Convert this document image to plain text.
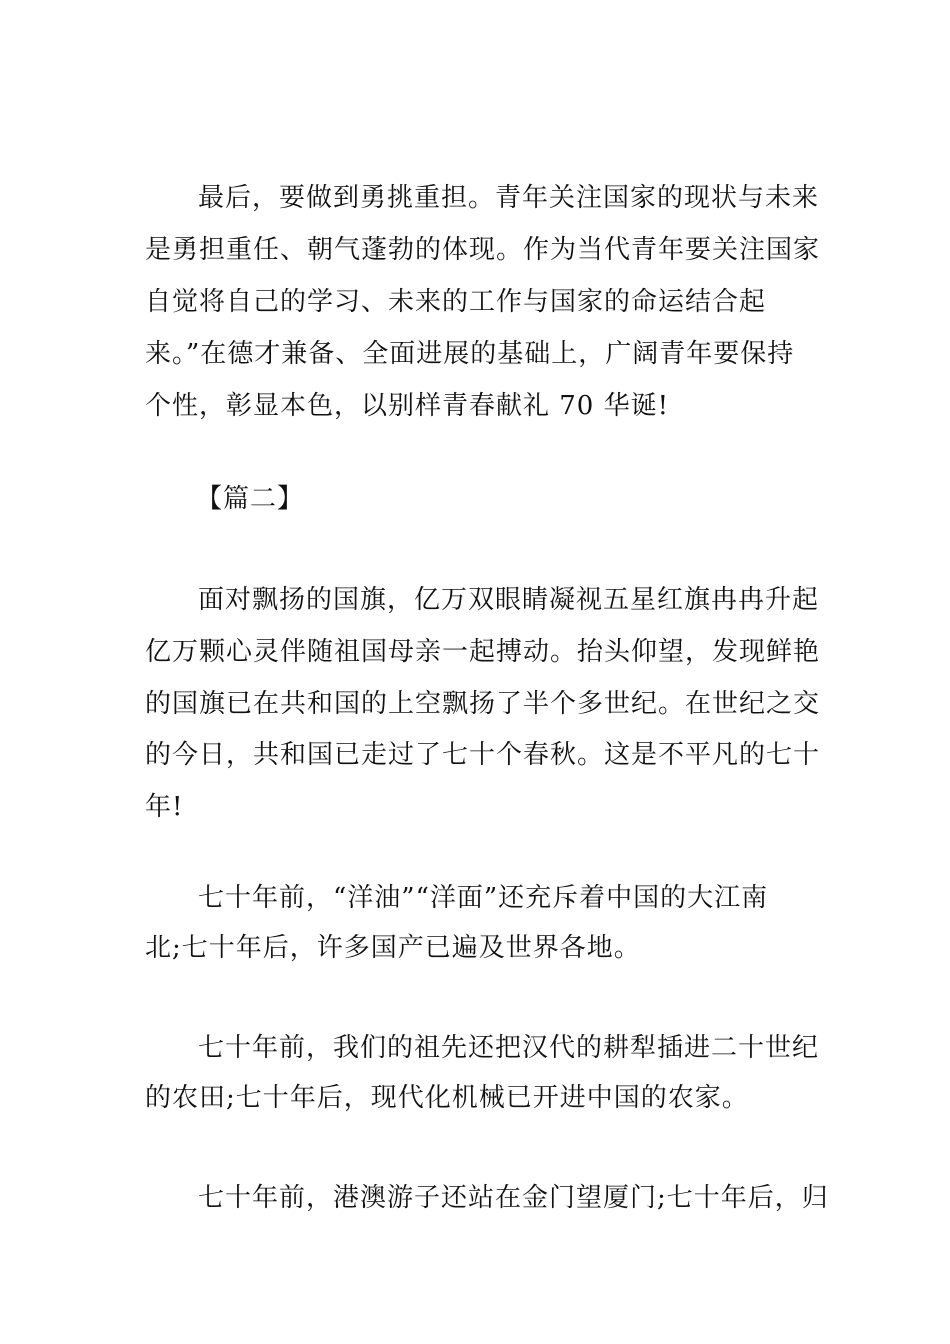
最后，要做到勇挑重担。青年关注国家的现状与未来
是勇担重任、朝气蓬勃的体现。作为当代青年要关注国家
自觉将自己的学习、未来的工作与国家的命运结合起
来。”在德才兼备、全面进展的基础上，广阔青年要保持
个性，彰显本色，以别样青春献礼 70 华诞!
【篇二】
面对飘扬的国旗，亿万双眼睛凝视五星红旗冉冉升起
亿万颗心灵伴随祖国母亲一起搏动。抬头仰望，发现鲜艳
的国旗已在共和国的上空飘扬了半个多世纪。在世纪之交
的今日，共和国已走过了七十个春秋。这是不平凡的七十
年!
七十年前，“洋油”“洋面”还充斥着中国的大江南
北;七十年后，许多国产已遍及世界各地。
七十年前，我们的祖先还把汉代的耕犁插进二十世纪
的农田;七十年后，现代化机械已开进中国的农家。
七十年前，港澳游子还站在金门望厦门;七十年后，归
